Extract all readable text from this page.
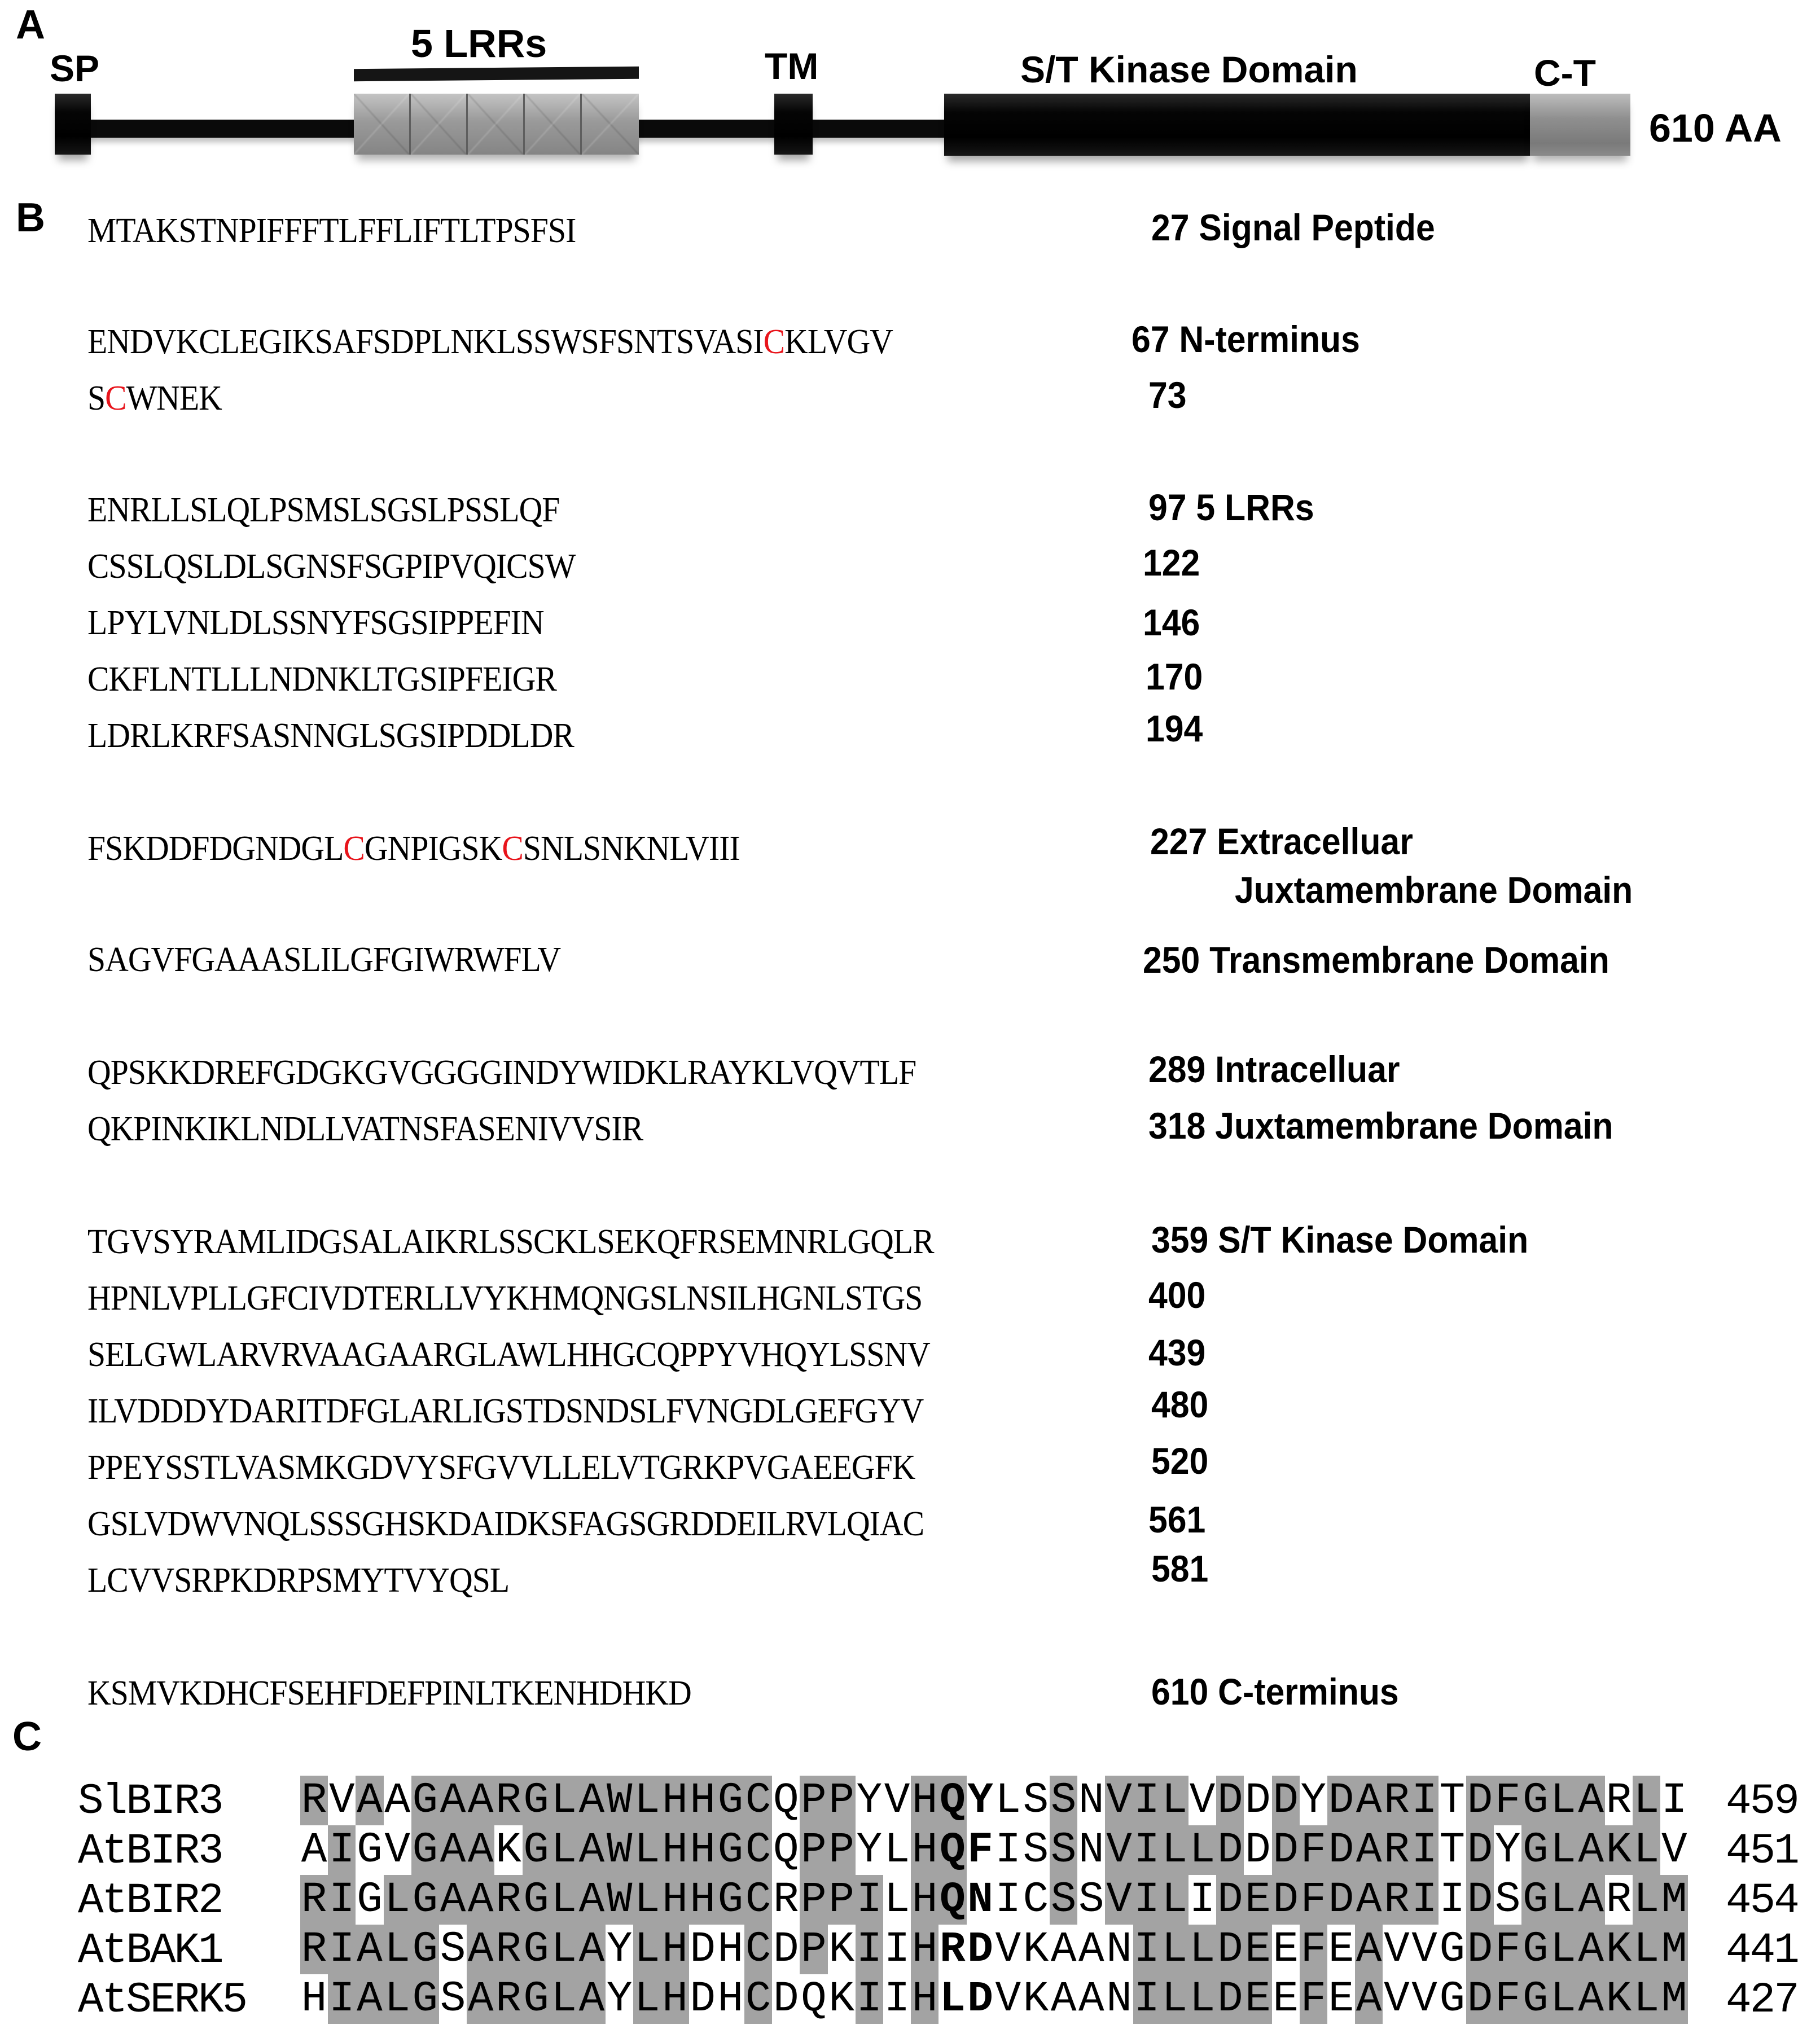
A
SP
5 LRRs
TM	S/T Kinase Domain	C-T
610 AA
B MTAKSTNPIFFFTLFFLIFTLTPSFSI	27 Signal Peptide
ENDVKCLEGIKSAFSDPLNKLSSWSFSNTSVASICKLVGV	67 N-terminus
SCWNEK	73
ENRLLSLQLPSMSLSGSLPSSLQF	97 5 LRRs
CSSLQSLDLSGNSFSGPIPVQICSW	122
LPYLVNLDLSSNYFSGSIPPEFIN	146
CKFLNTLLLNDNKLTGSIPFEIGR	170
LDRLKRFSASNNGLSGSIPDDLDR	194
FSKDDFDGNDGLCGNPIGSKCSNLSNKNLVIII	227 Extracelluar
Juxtamembrane Domain
SAGVFGAAASLILGFGIWRWFLV	250 Transmembrane Domain
QPSKKDREFGDGKGVGGGGINDYWIDKLRAYKLVQVTLF	289 Intracelluar
QKPINKIKLNDLLVATNSFASENIVVSIR	318 Juxtamembrane Domain
TGVSYRAMLIDGSALAIKRLSSCKLSEKQFRSEMNRLGQLR	359 S/T Kinase Domain
HPNLVPLLGFCIVDTERLLVYKHMQNGSLNSILHGNLSTGS	400
SELGWLARVRVAAGAARGLAWLHHGCQPPYVHQYLSSNV	439
ILVDDDYDARITDFGLARLIGSTDSNDSLFVNGDLGEFGYV	480
PPEYSSTLVASMKGDVYSFGVVLLELVTGRKPVGAEEGFK	520
GSLVDWVNQLSSSGHSKDAIDKSFAGSGRDDEILRVLQIAC	561
LCVVSRPKDRPSMYTVYQSL	581
KSMVKDHCFSEHFDEFPINLTKENHDHKD	610 C-terminus
C
SlBIR3 R V A A G A A R G L A W L H H G C Q P P Y V H Q Y L S S N V I L V D D D Y D A R I T D F G L A R L I 459
AtBIR3 A I G V G A A K G L A W L H H G C Q P P Y L H Q F I S S N V I L L D D D F D A R I T D Y G L A K L V 451
AtBIR2 R I G L G A A R G L A W L H H G C R P P I L H Q N I C S S V I L I D E D F D A R I I D S G L A R L M 454
AtBAK1 R I A L G S A R G L A Y L H D H C D P K I I H R D V K A A N I L L D E E F E A V V G D F G L A K L M 441
AtSERK5 H I A L G S A R G L A Y L H D H C D Q K I I H L D V K A A N I L L D E E F E A V V G D F G L A K L M 427
